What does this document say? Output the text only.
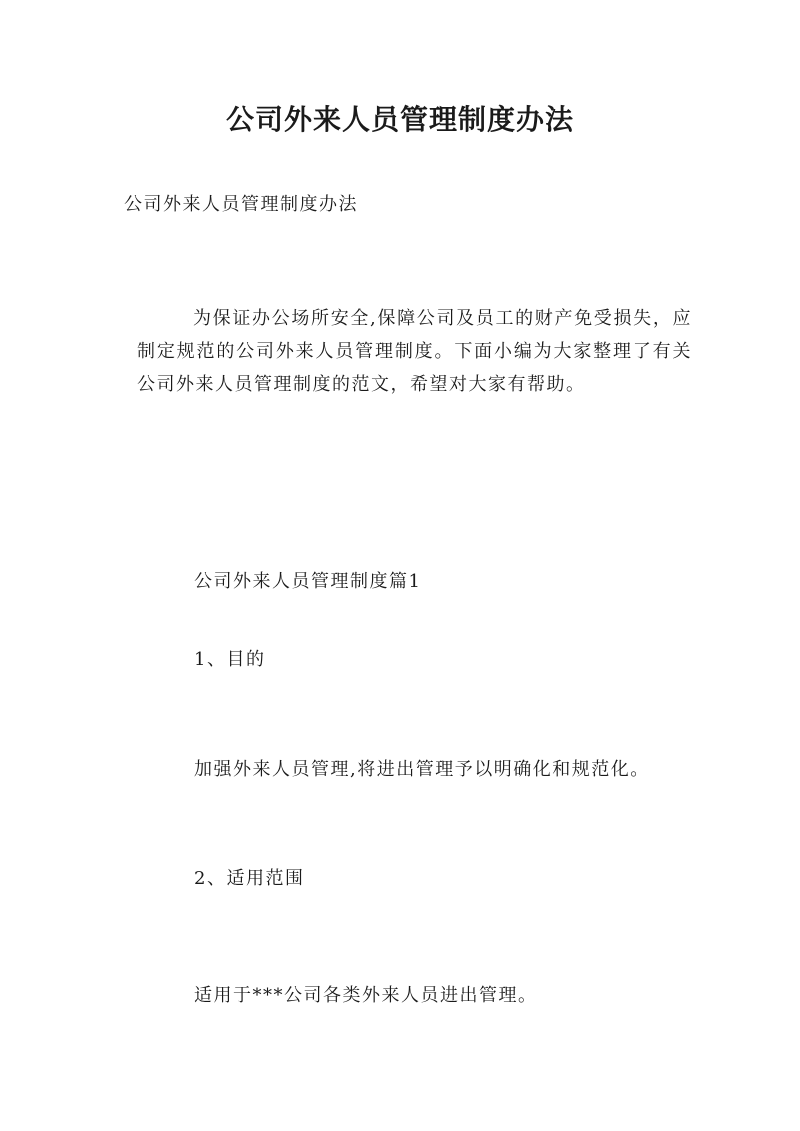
公司外来人员管理制度办法

公司外来人员管理制度办法

为保证办公场所安全,保障公司及员工的财产免受损失，应制定规范的公司外来人员管理制度。下面小编为大家整理了有关公司外来人员管理制度的范文，希望对大家有帮助。

公司外来人员管理制度篇1

1、目的

加强外来人员管理,将进出管理予以明确化和规范化。

2、适用范围

适用于***公司各类外来人员进出管理。
